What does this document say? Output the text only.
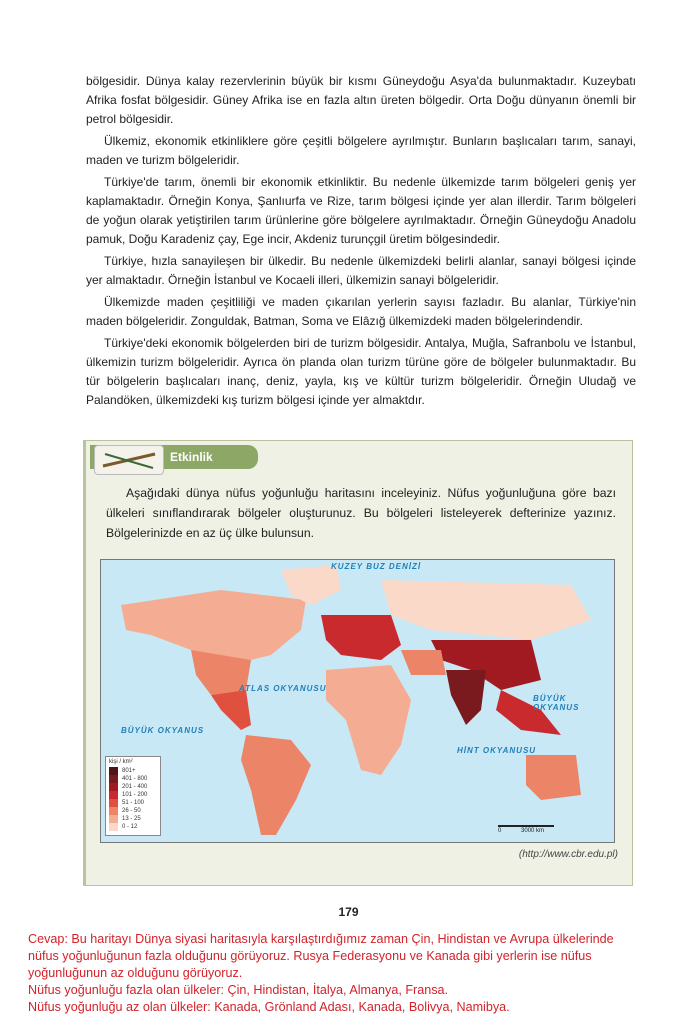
bölgesidir. Dünya kalay rezervlerinin büyük bir kısmı Güneydoğu Asya'da bulunmaktadır. Kuzeybatı Afrika fosfat bölgesidir. Güney Afrika ise en fazla altın üreten bölgedir. Orta Doğu dünyanın önemli bir petrol bölgesidir.

Ülkemiz, ekonomik etkinliklere göre çeşitli bölgelere ayrılmıştır. Bunların başlıcaları tarım, sanayi, maden ve turizm bölgeleridir.

Türkiye'de tarım, önemli bir ekonomik etkinliktir. Bu nedenle ülkemizde tarım bölgeleri geniş yer kaplamaktadır. Örneğin Konya, Şanlıurfa ve Rize, tarım bölgesi içinde yer alan illerdir. Tarım bölgeleri de yoğun olarak yetiştirilen tarım ürünlerine göre bölgelere ayrılmaktadır. Örneğin Güneydoğu Anadolu pamuk, Doğu Karadeniz çay, Ege incir, Akdeniz turunçgil üretim bölgesindedir.

Türkiye, hızla sanayileşen bir ülkedir. Bu nedenle ülkemizdeki belirli alanlar, sanayi bölgesi içinde yer almaktadır. Örneğin İstanbul ve Kocaeli illeri, ülkemizin sanayi bölgeleridir.

Ülkemizde maden çeşitliliği ve maden çıkarılan yerlerin sayısı fazladır. Bu alanlar, Türkiye'nin maden bölgeleridir. Zonguldak, Batman, Soma ve Elâzığ ülkemizdeki maden bölgelerindendir.

Türkiye'deki ekonomik bölgelerden biri de turizm bölgesidir. Antalya, Muğla, Safranbolu ve İstanbul, ülkemizin turizm bölgeleridir. Ayrıca ön planda olan turizm türüne göre de bölgeler bulunmaktadır. Bu tür bölgelerin başlıcaları inanç, deniz, yayla, kış ve kültür turizm bölgeleridir. Örneğin Uludağ ve Palandöken, ülkemizdeki kış turizm bölgesi içinde yer almaktdır.

Etkinlik
Aşağıdaki dünya nüfus yoğunluğu haritasını inceleyiniz. Nüfus yoğunluğuna göre bazı ülkeleri sınıflandırarak bölgeler oluşturunuz. Bu bölgeleri listeleyerek defterinize yazınız. Bölgelerinizde en az üç ülke bulunsun.
KUZEY BUZ DENİZİ
ATLAS OKYANUSU
BÜYÜK OKYANUS
BÜYÜK OKYANUS
HİNT OKYANUSU
kişi / km²
801+
401 - 800
201 - 400
101 - 200
51 - 100
26 - 50
13 - 25
0 - 12
0	3000 km
(http://www.cbr.edu.pl)
179
Cevap: Bu haritayı Dünya siyasi haritasıyla karşılaştırdığımız zaman Çin, Hindistan ve Avrupa ülkelerinde
nüfus yoğunluğunun fazla olduğunu görüyoruz. Rusya Federasyonu ve Kanada gibi yerlerin ise nüfus
yoğunluğunun az olduğunu görüyoruz.
Nüfus yoğunluğu fazla olan ülkeler: Çin, Hindistan, İtalya, Almanya, Fransa.
Nüfus yoğunluğu az olan ülkeler: Kanada, Grönland Adası, Kanada, Bolivya, Namibya.
